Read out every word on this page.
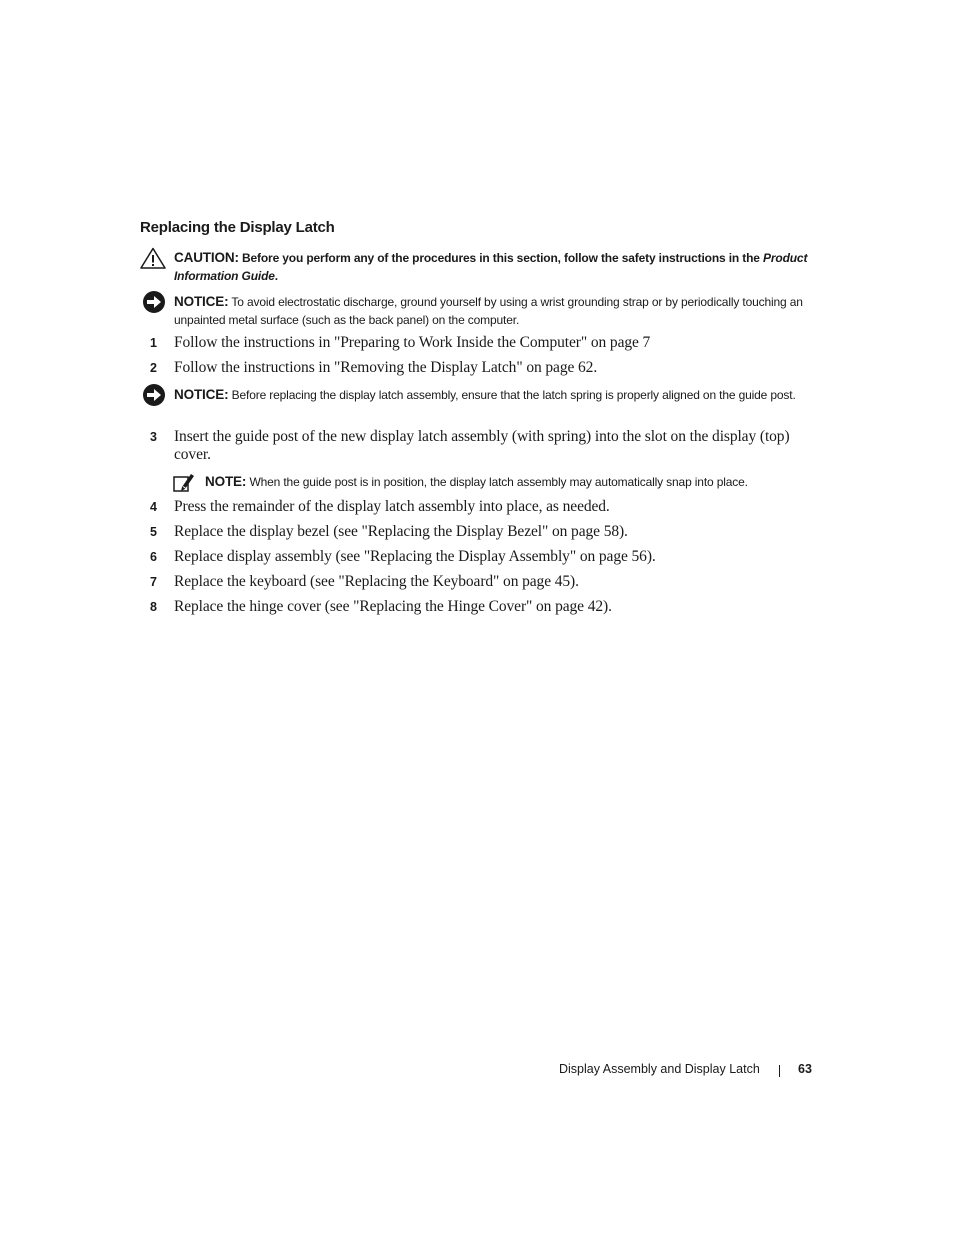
Replacing the Display Latch
CAUTION: Before you perform any of the procedures in this section, follow the safety instructions in the Product Information Guide.
NOTICE: To avoid electrostatic discharge, ground yourself by using a wrist grounding strap or by periodically touching an unpainted metal surface (such as the back panel) on the computer.
1	Follow the instructions in "Preparing to Work Inside the Computer" on page 7
2	Follow the instructions in "Removing the Display Latch" on page 62.
NOTICE: Before replacing the display latch assembly, ensure that the latch spring is properly aligned on the guide post.
3	Insert the guide post of the new display latch assembly (with spring) into the slot on the display (top) cover.
NOTE: When the guide post is in position, the display latch assembly may automatically snap into place.
4	Press the remainder of the display latch assembly into place, as needed.
5	Replace the display bezel (see "Replacing the Display Bezel" on page 58).
6	Replace display assembly (see "Replacing the Display Assembly" on page 56).
7	Replace the keyboard (see "Replacing the Keyboard" on page 45).
8	Replace the hinge cover (see "Replacing the Hinge Cover" on page 42).
Display Assembly and Display Latch	63
